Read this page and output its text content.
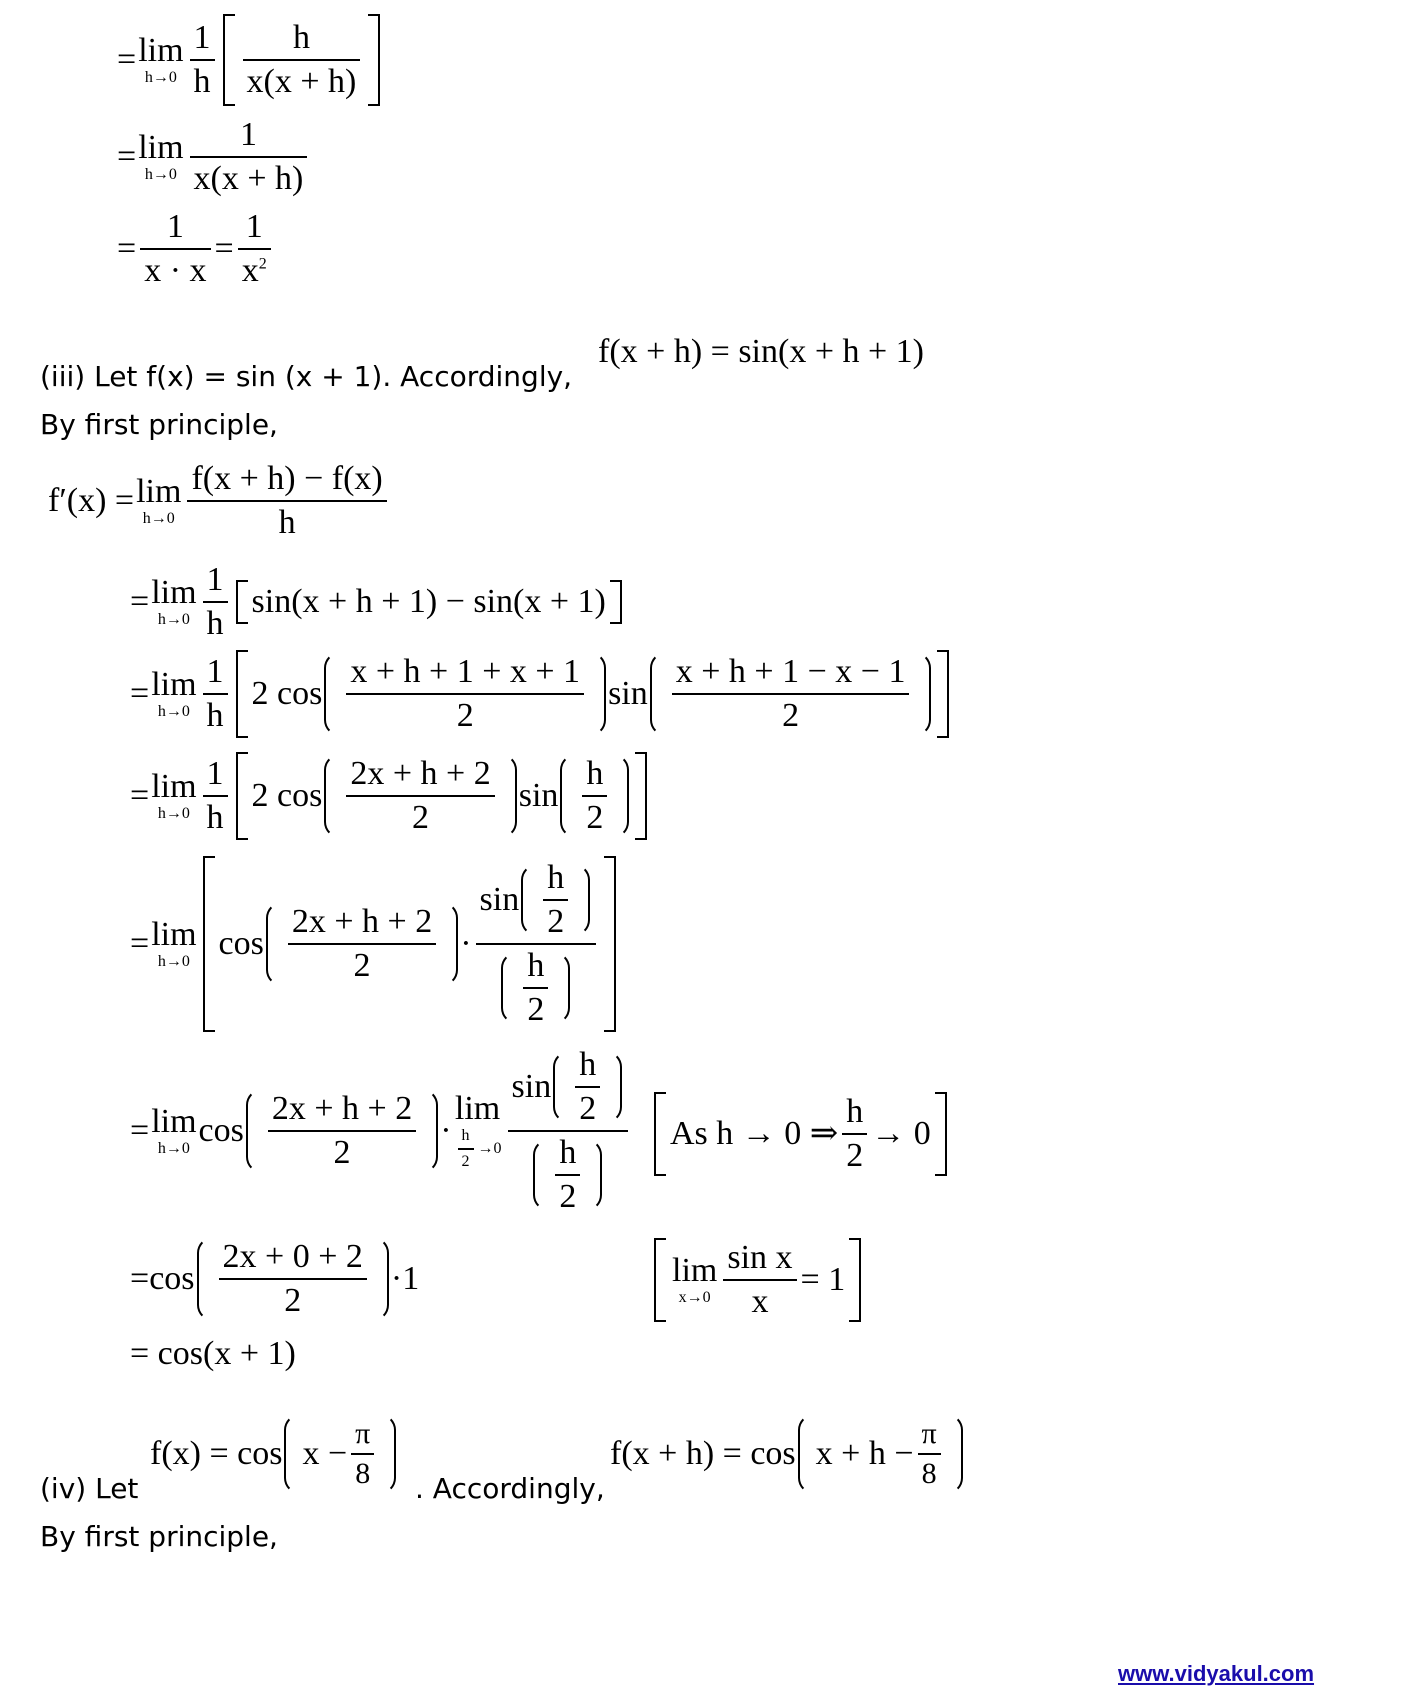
= lim
$h\to 0 \frac{1}{h} \frac{h}{x(x + h)}$
= lim
$h\to 0 \frac{1}{x(x + h)}$
= $\frac{1}{x \cdot x} = \frac{1}{x^2}$
(iii) Let f(x) = sin (x + 1). Accordingly,
f(x + h) = sin(x + h + 1)
By first principle,
f′(x) = lim
$h\to 0 \frac{f(x + h) - f(x)}{h}$
= lim
$h\to 0 \frac{1}{h} \sin(x + h + 1) - \sin(x + 1)$
= lim
$h\to 0 \frac{1}{h} 2$ $\cos \frac{x + h + 1 + x + 1}{2}$ $\sin \frac{x + h + 1 - x - 1}{2}$
= lim
$h\to 0 \frac{1}{h} 2$ $\cos \frac{2x + h + 2}{2}$ $\sin \frac{h}{2}$
= lim
h→0 $\cos \frac{2x + h + 2}{2} \cdot \frac{\sin \frac{h}{2}}{\frac{h}{2}}$
= lim
h→0 $\cos \frac{2x + h + 2}{2}$ ·
lim
$\frac{h}{2} \to 0 \frac{\sin \frac{h}{2}}{\frac{h}{2}}$ As h → 0 ⇒ $\frac{h}{2} \to 0$
= $\cos \frac{2x + 0 + 2}{2} \cdot 1$	lim
$x\to 0 \frac{\text{sin x}}{x} = 1$
= cos(x + 1)
$f(x) = \cos x - \frac{\pi}{8}$	$f(x + h) = \cos x + h - \frac{\pi}{8}$
(iv) Let	. Accordingly,
By first principle,
www.vidyakul.com
